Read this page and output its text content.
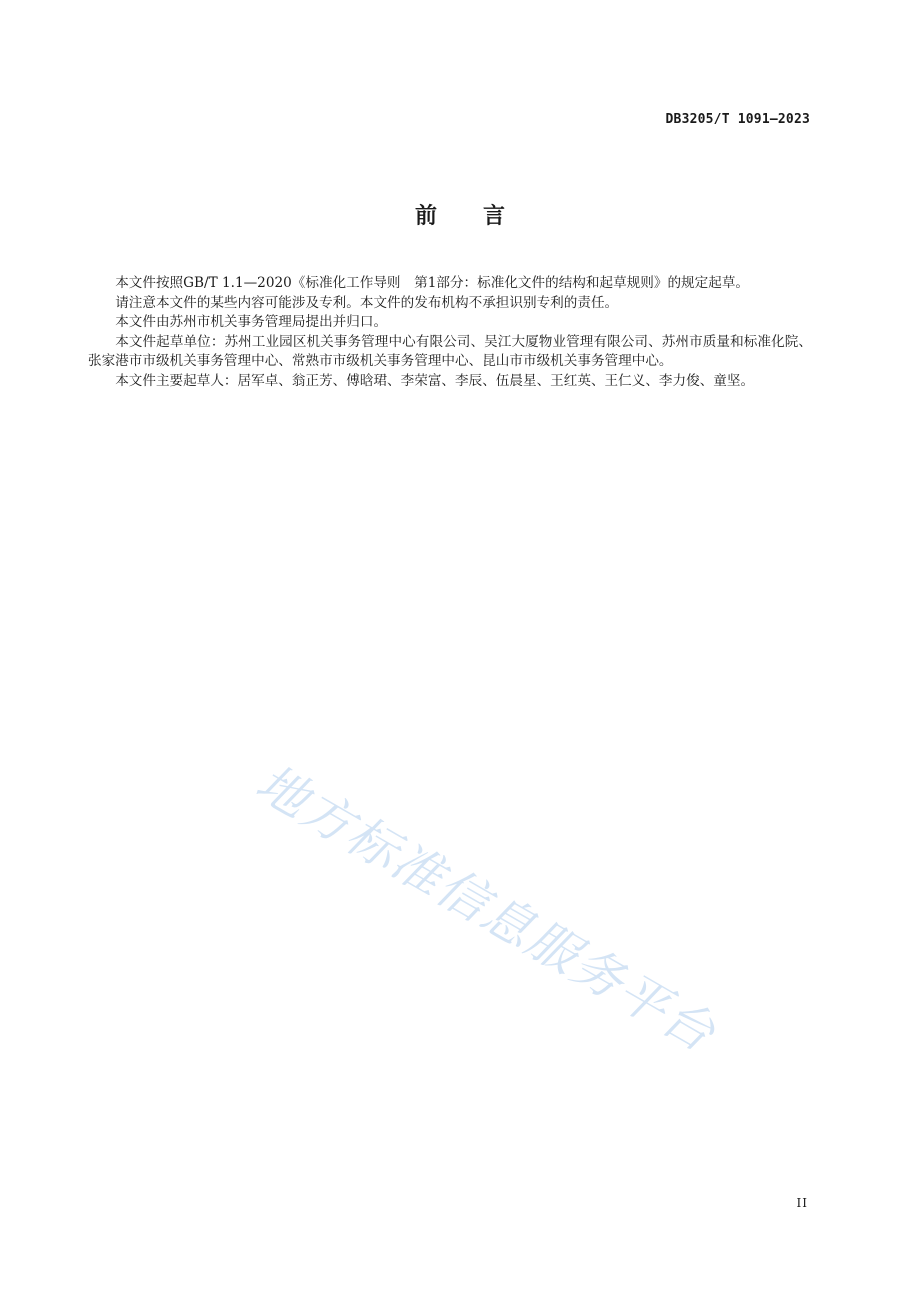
DB3205/T 1091—2023
前言

本文件按照GB/T 1.1—2020《标准化工作导则　第1部分：标准化文件的结构和起草规则》的规定起草。

请注意本文件的某些内容可能涉及专利。本文件的发布机构不承担识别专利的责任。

本文件由苏州市机关事务管理局提出并归口。

本文件起草单位：苏州工业园区机关事务管理中心有限公司、吴江大厦物业管理有限公司、苏州市质量和标准化院、张家港市市级机关事务管理中心、常熟市市级机关事务管理中心、昆山市市级机关事务管理中心。

本文件主要起草人：居军卓、翁正芳、傅晗珺、李荣富、李辰、伍晨星、王红英、王仁义、李力俊、童坚。

地方标准信息服务平台
II
